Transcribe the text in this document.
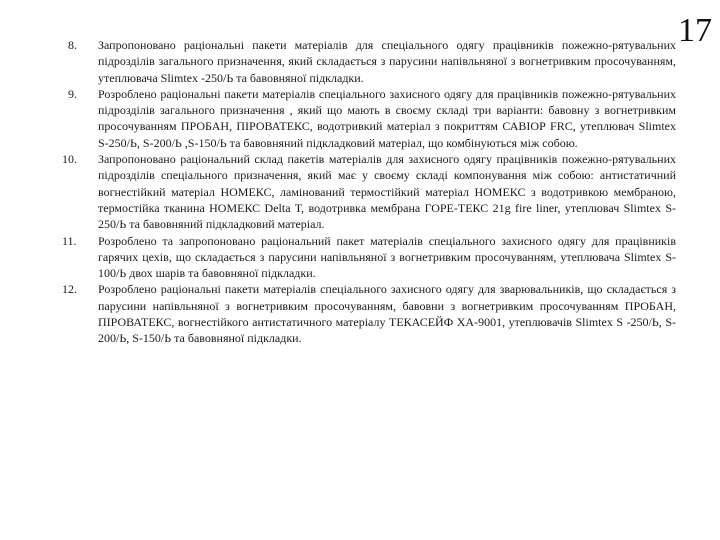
17
8.	Запропоновано раціональні пакети матеріалів для спеціального одягу працівників пожежно-рятувальних підрозділів загального призначення, який складається з парусини напівльняної з вогнетривким просочуванням, утеплювача Slimtex -250/Ь та бавовняної підкладки.
9.	Розроблено раціональні пакети матеріалів спеціального захисного одягу для працівників пожежно-рятувальних підрозділів загального призначення , який що мають в своєму складі три варіанти: бавовну з вогнетривким просочуванням ПРОБАН, ПІРОВАТЕКС, водотривкий матеріал з покриттям САВІОР FRC, утеплювач Slimtex S-250/Ь, S-200/Ь ,S-150/Ь та бавовняний підкладковий матеріал, що комбінуються між собою.
10.	Запропоновано раціональний склад пакетів матеріалів для захисного одягу працівників пожежно-рятувальних підрозділів спеціального призначення, який має у своєму складі компонування між собою: антистатичний вогнестійкий матеріал НОМЕКС, ламінований термостійкий матеріал НОМЕКС з водотривкою мембраною, термостійка тканина НОМЕКС Delta T, водотривка мембрана ГОРЕ-ТЕКС 21g fire liner, утеплювач Slimtex S-250/Ь та бавовняний підкладковий матеріал.
11.	Розроблено та запропоновано раціональний пакет матеріалів спеціального захисного одягу для працівників гарячих цехів, що складається з парусини напівльняної з вогнетривким просочуванням, утеплювача Slimtex S-100/Ь двох шарів та бавовняної підкладки.
12.	Розроблено раціональні пакети матеріалів спеціального захисного одягу для зварювальників, що складається з парусини напівльняної з вогнетривким просочуванням, бавовни з вогнетривким просочуванням ПРОБАН, ПІРОВАТЕКС, вогнестійкого антистатичного матеріалу ТЕКАСЕЙФ ХА-9001, утеплювачів Slimtex S -250/Ь, S-200/Ь, S-150/Ь та бавовняної підкладки.
